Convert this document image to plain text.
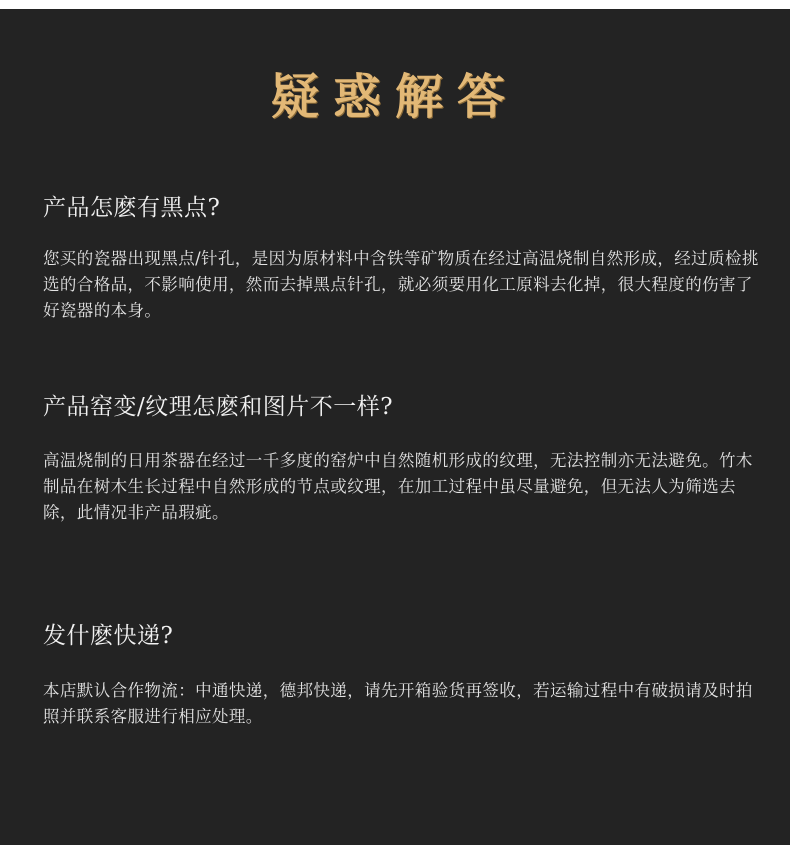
疑惑解答
产品怎麽有黑点?
您买的瓷器出现黑点/针孔，是因为原材料中含铁等矿物质在经过高温烧制自然形成，经过质检挑选的合格品，不影响使用，然而去掉黑点针孔，就必须要用化工原料去化掉，很大程度的伤害了好瓷器的本身。
产品窑变/纹理怎麽和图片不一样?
高温烧制的日用茶器在经过一千多度的窑炉中自然随机形成的纹理，无法控制亦无法避免。竹木制品在树木生长过程中自然形成的节点或纹理，在加工过程中虽尽量避免，但无法人为筛选去除，此情况非产品瑕疵。
发什麽快递?
本店默认合作物流：中通快递，德邦快递，请先开箱验货再签收，若运输过程中有破损请及时拍照并联系客服进行相应处理。
